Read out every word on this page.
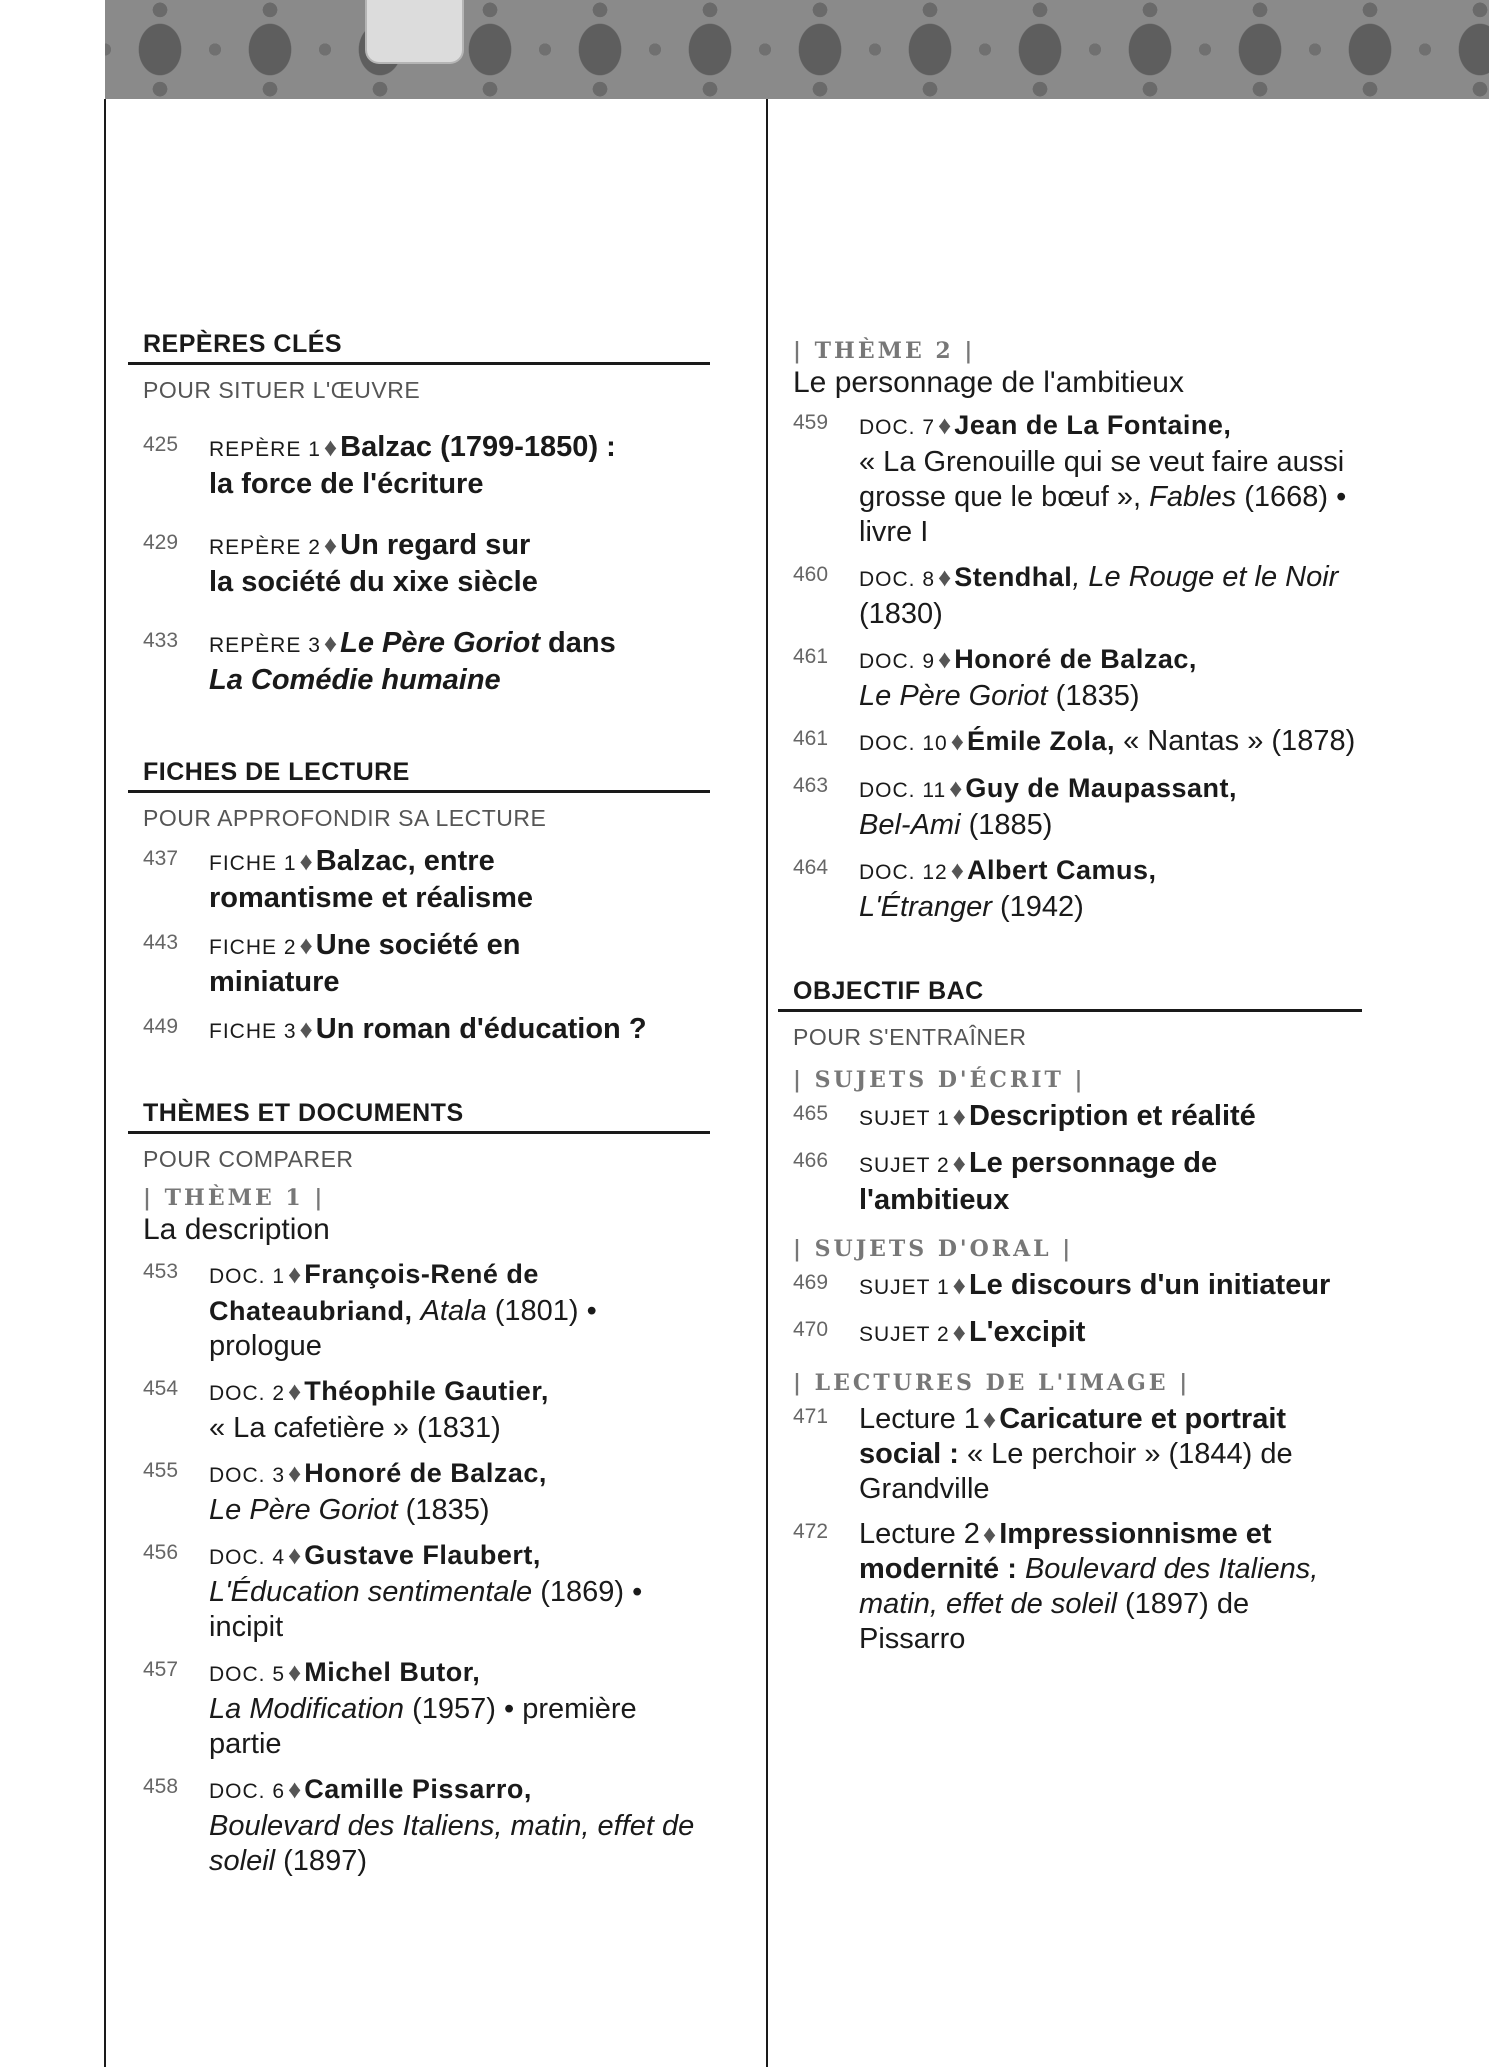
REPÈRES CLÉS
POUR SITUER L'ŒUVRE
425 REPÈRE 1 ♦ Balzac (1799-1850) :
la force de l'écriture
429 REPÈRE 2 ♦ Un regard sur
la société du xixe siècle
433 REPÈRE 3 ♦ Le Père Goriot dans
La Comédie humaine
FICHES DE LECTURE
POUR APPROFONDIR SA LECTURE
437 FICHE 1 ♦ Balzac, entre
romantisme et réalisme
443 FICHE 2 ♦ Une société en
miniature
449 FICHE 3 ♦ Un roman d'éducation ?
THÈMES ET DOCUMENTS
POUR COMPARER
| THÈME 1 |
La description
453 DOC. 1 ♦ François-René de Chateaubriand, Atala (1801) • prologue
454 DOC. 2 ♦ Théophile Gautier,
« La cafetière » (1831)
455 DOC. 3 ♦ Honoré de Balzac,
Le Père Goriot (1835)
456 DOC. 4 ♦ Gustave Flaubert,
L'Éducation sentimentale (1869) • incipit
457 DOC. 5 ♦ Michel Butor,
La Modification (1957) • première partie
458 DOC. 6 ♦ Camille Pissarro,
Boulevard des Italiens, matin, effet de soleil (1897)
| THÈME 2 |
Le personnage de l'ambitieux
459 DOC. 7 ♦ Jean de La Fontaine,
« La Grenouille qui se veut faire aussi grosse que le bœuf », Fables (1668) • livre I
460 DOC. 8 ♦ Stendhal, Le Rouge et le Noir (1830)
461 DOC. 9 ♦ Honoré de Balzac,
Le Père Goriot (1835)
461 DOC. 10 ♦ Émile Zola, « Nantas » (1878)
463 DOC. 11 ♦ Guy de Maupassant,
Bel-Ami (1885)
464 DOC. 12 ♦ Albert Camus,
L'Étranger (1942)
OBJECTIF BAC
POUR S'ENTRAÎNER
| SUJETS D'ÉCRIT |
465 SUJET 1 ♦ Description et réalité
466 SUJET 2 ♦ Le personnage de l'ambitieux
| SUJETS D'ORAL |
469 SUJET 1 ♦ Le discours d'un initiateur
470 SUJET 2 ♦ L'excipit
| LECTURES DE L'IMAGE |
471 Lecture 1 ♦ Caricature et portrait social : « Le perchoir » (1844) de Grandville
472 Lecture 2 ♦ Impressionnisme et modernité : Boulevard des Italiens, matin, effet de soleil (1897) de Pissarro
